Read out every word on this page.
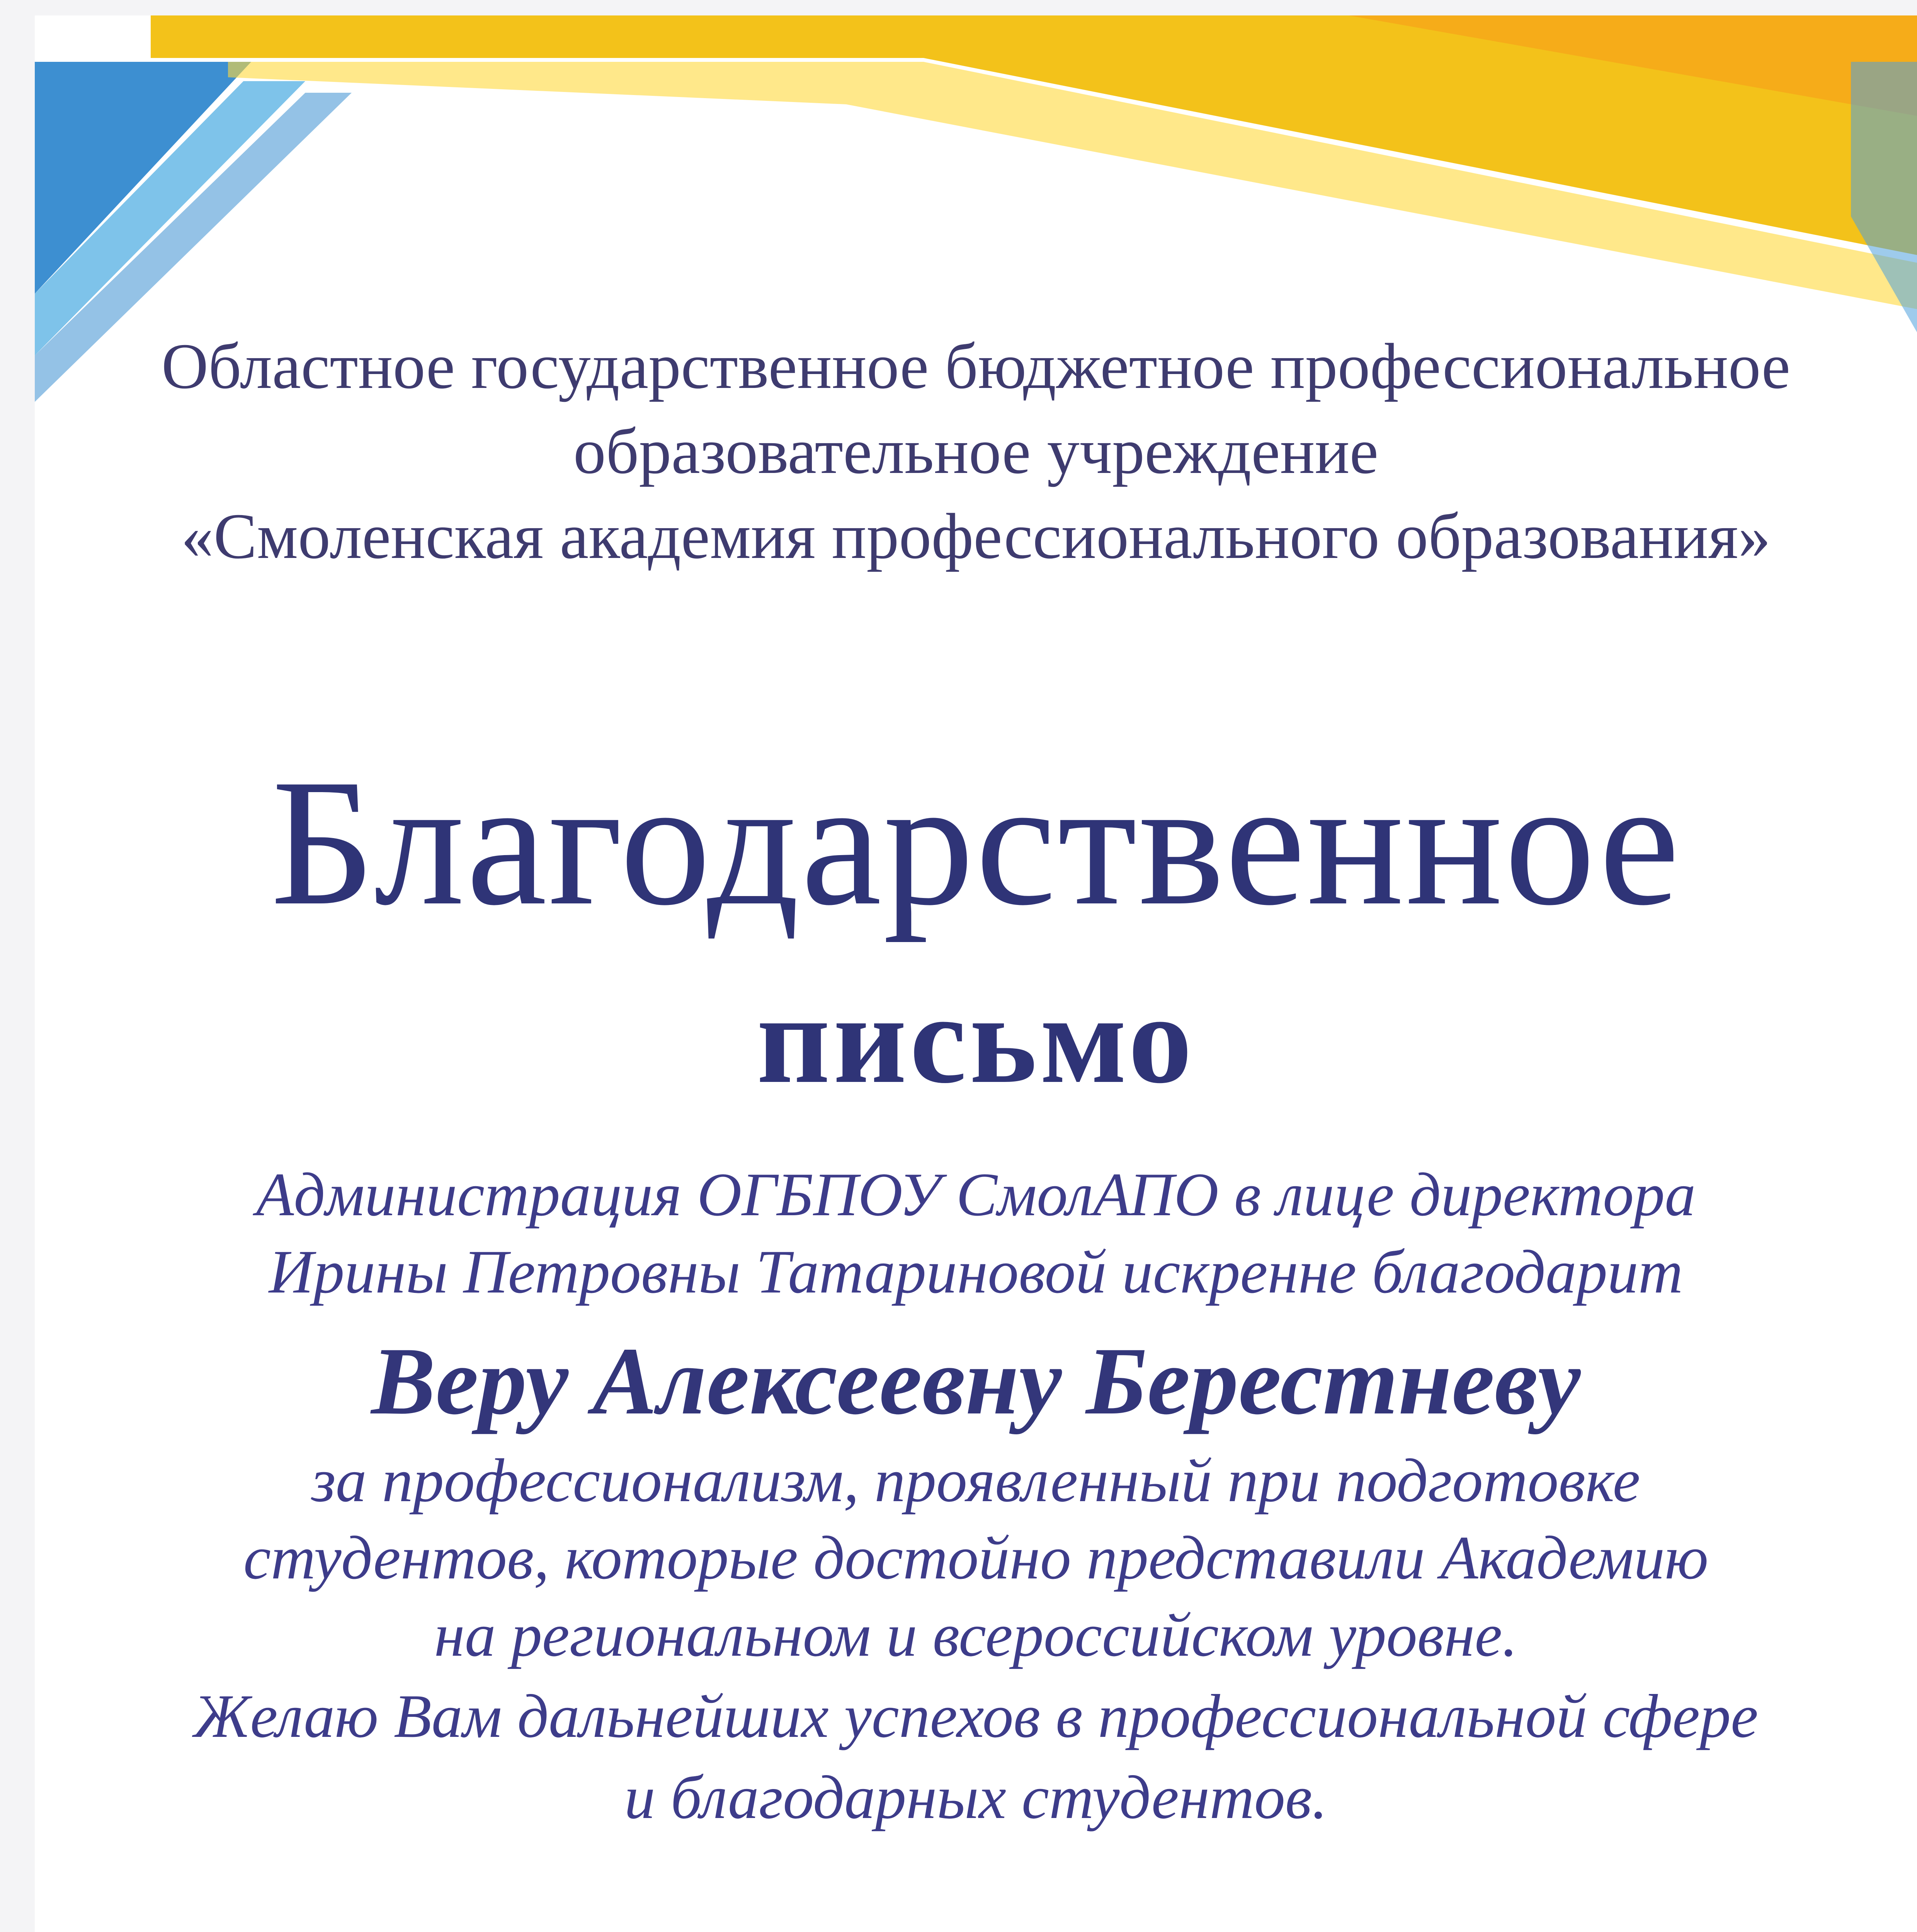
Областное государственное бюджетное профессиональное
образовательное учреждение
«Смоленская академия профессионального образования»
Благодарственное
письмо
Администрация ОГБПОУ СмолАПО в лице директора
Ирины Петровны Татариновой искренне благодарит
Веру Алексеевну Берестневу
за профессионализм, проявленный при подготовке
студентов, которые достойно представили Академию
на региональном и всероссийском уровне.
Желаю Вам дальнейших успехов в профессиональной сфере
и благодарных студентов.
